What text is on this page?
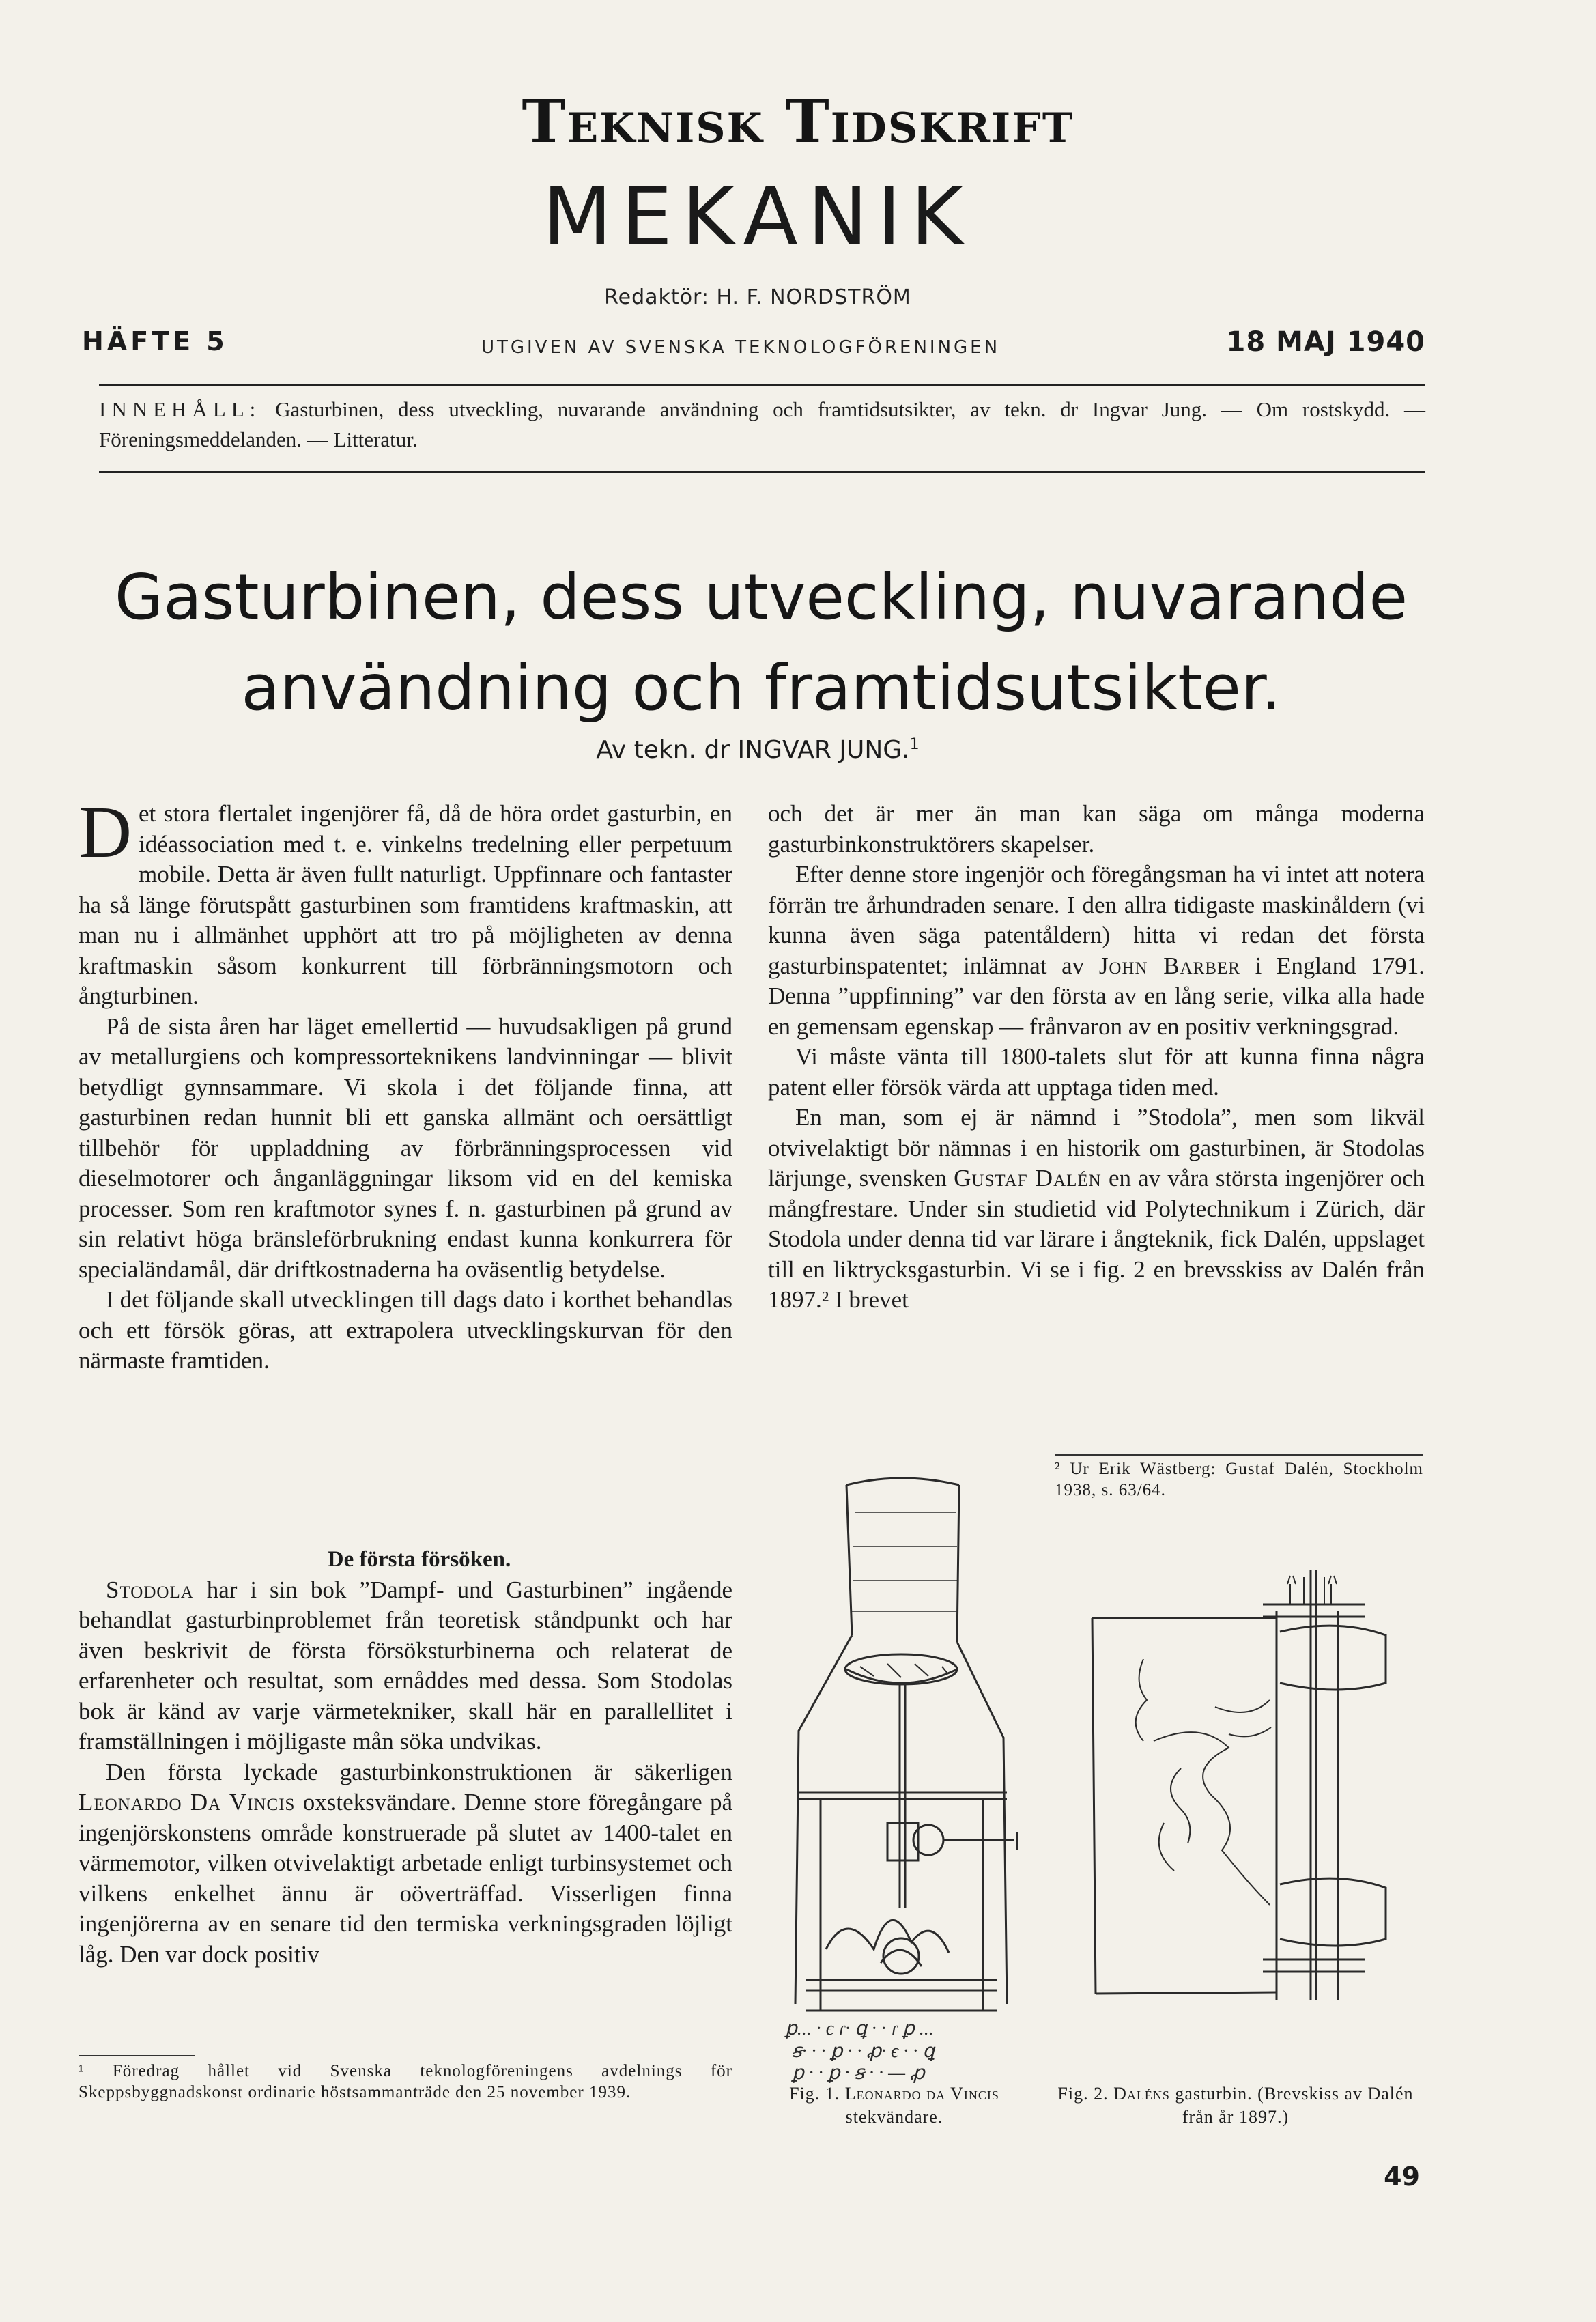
Teknisk Tidskrift
MEKANIK
Redaktör: H. F. NORDSTRÖM
HÄFTE 5	UTGIVEN AV SVENSKA TEKNOLOGFÖRENINGEN	18 MAJ 1940
INNEHÅLL: Gasturbinen, dess utveckling, nuvarande användning och framtidsutsikter, av tekn. dr Ingvar Jung. — Om rostskydd. — Föreningsmeddelanden. — Litteratur.
Gasturbinen, dess utveckling, nuvarande
användning och framtidsutsikter.
Av tekn. dr INGVAR JUNG.$^1$

Det stora flertalet ingenjörer få, då de höra ordet gasturbin, en idéassociation med t. e. vinkelns tredelning eller perpetuum mobile. Detta är även fullt naturligt. Uppfinnare och fantaster ha så länge förutspått gasturbinen som framtidens kraftmaskin, att man nu i allmänhet upphört att tro på möjligheten av denna kraftmaskin såsom konkurrent till förbränningsmotorn och ångturbinen.

På de sista åren har läget emellertid — huvudsakligen på grund av metallurgiens och kompressorteknikens landvinningar — blivit betydligt gynnsammare. Vi skola i det följande finna, att gasturbinen redan hunnit bli ett ganska allmänt och oersättligt tillbehör för uppladdning av förbränningsprocessen vid dieselmotorer och ånganläggningar liksom vid en del kemiska processer. Som ren kraftmotor synes f. n. gasturbinen på grund av sin relativt höga bränsleförbrukning endast kunna konkurrera för specialändamål, där driftkostnaderna ha oväsentlig betydelse.

I det följande skall utvecklingen till dags dato i korthet behandlas och ett försök göras, att extrapolera utvecklingskurvan för den närmaste framtiden.

De första försöken.

Stodola har i sin bok ”Dampf- und Gasturbinen” ingående behandlat gasturbinproblemet från teoretisk ståndpunkt och har även beskrivit de första försöksturbinerna och relaterat de erfarenheter och resultat, som ernåddes med dessa. Som Stodolas bok är känd av varje värmetekniker, skall här en parallellitet i framställningen i möjligaste mån söka undvikas.

Den första lyckade gasturbinkonstruktionen är säkerligen Leonardo Da Vincis oxsteksvändare. Denne store föregångare på ingenjörskonstens område konstruerade på slutet av 1400-talet en värmemotor, vilken otvivelaktigt arbetade enligt turbinsystemet och vilkens enkelhet ännu är oöverträffad. Visserligen finna ingenjörerna av en senare tid den termiska verkningsgraden löjligt låg. Den var dock positiv

¹ Föredrag hållet vid Svenska teknologföreningens avdelnings för Skeppsbyggnadskonst ordinarie höstsammanträde den 25 november 1939.

och det är mer än man kan säga om många moderna gasturbinkonstruktörers skapelser.

Efter denne store ingenjör och föregångsman ha vi intet att notera förrän tre århundraden senare. I den allra tidigaste maskinåldern (vi kunna även säga patentåldern) hitta vi redan det första gasturbinspatentet; inlämnat av John Barber i England 1791. Denna ”uppfinning” var den första av en lång serie, vilka alla hade en gemensam egenskap — frånvaron av en positiv verkningsgrad.

Vi måste vänta till 1800-talets slut för att kunna finna några patent eller försök värda att upptaga tiden med.

En man, som ej är nämnd i ”Stodola”, men som likväl otvivelaktigt bör nämnas i en historik om gasturbinen, är Stodolas lärjunge, svensken Gustaf Dalén en av våra största ingenjörer och mångfrestare. Under sin studietid vid Polytechnikum i Zürich, där Stodola under denna tid var lärare i ångteknik, fick Dalén, uppslaget till en liktrycksgasturbin. Vi se i fig. 2 en brevsskiss av Dalén från 1897.² I brevet

² Ur Erik Wästberg: Gustaf Dalén, Stockholm 1938, s. 63/64.
ꝑ... · ϵ ɾ· ꝗ · · ɾ ꝑ ...
ꞩ· · · ꝑ · · ꝓ· ϵ · · ꝗ
ꝑ · · ꝑ · ꞩ · · — ꝓ
Fig. 1. Leonardo da Vincis stekvändare.
Fig. 2. Daléns gasturbin. (Brevskiss av Dalén från år 1897.)
49
